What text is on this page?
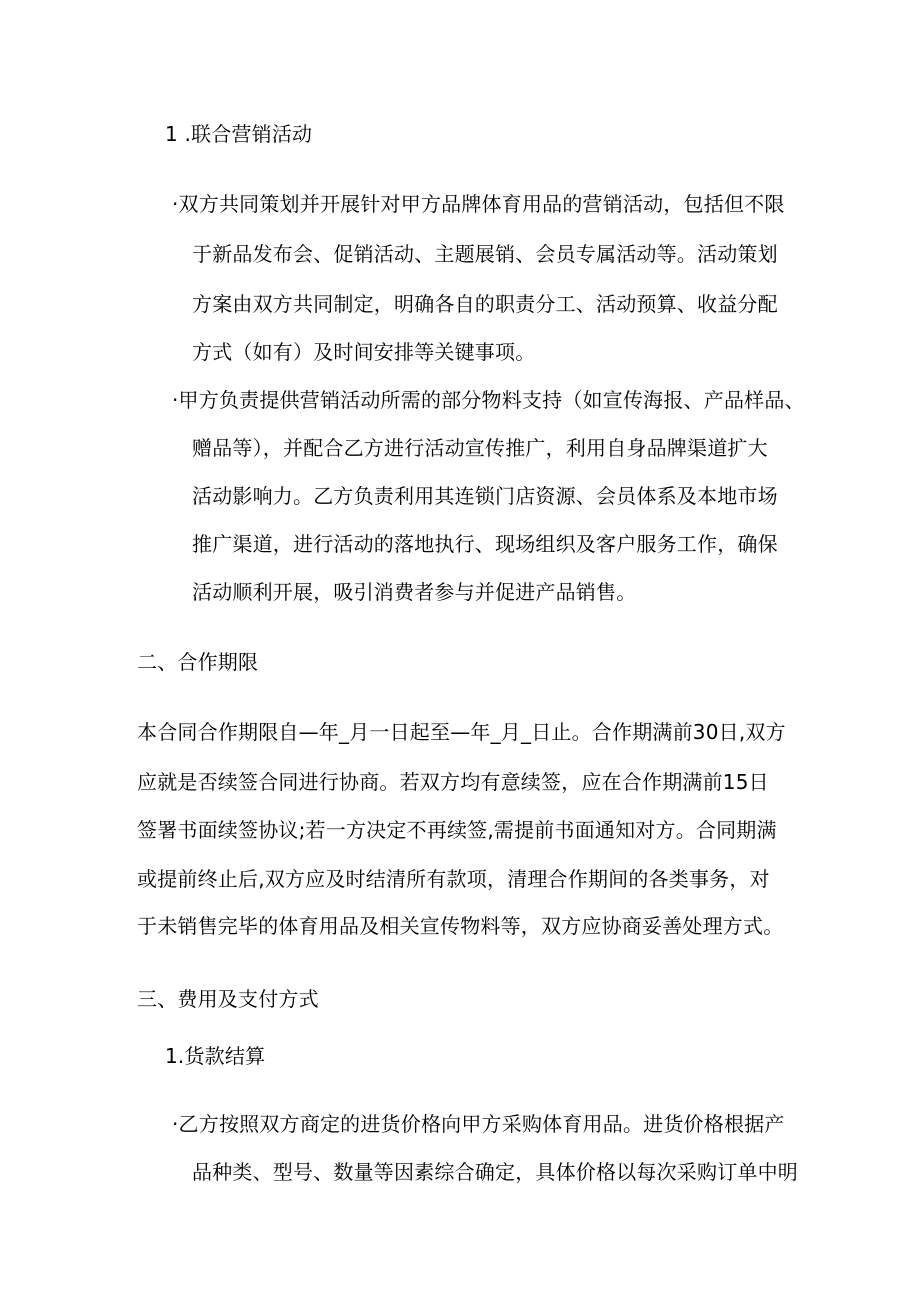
1 .联合营销活动
·双方共同策划并开展针对甲方品牌体育用品的营销活动，包括但不限
于新品发布会、促销活动、主题展销、会员专属活动等。活动策划
方案由双方共同制定，明确各自的职责分工、活动预算、收益分配
方式（如有）及时间安排等关键事项。
·甲方负责提供营销活动所需的部分物料支持（如宣传海报、产品样品、
赠品等），并配合乙方进行活动宣传推广，利用自身品牌渠道扩大
活动影响力。乙方负责利用其连锁门店资源、会员体系及本地市场
推广渠道，进行活动的落地执行、现场组织及客户服务工作，确保
活动顺利开展，吸引消费者参与并促进产品销售。
二、合作期限
本合同合作期限自—年_月一日起至—年_月_日止。合作期满前30日,双方
应就是否续签合同进行协商。若双方均有意续签，应在合作期满前15日
签署书面续签协议;若一方决定不再续签,需提前书面通知对方。合同期满
或提前终止后,双方应及时结清所有款项，清理合作期间的各类事务，对
于未销售完毕的体育用品及相关宣传物料等，双方应协商妥善处理方式。
三、费用及支付方式
1.货款结算
·乙方按照双方商定的进货价格向甲方采购体育用品。进货价格根据产
品种类、型号、数量等因素综合确定，具体价格以每次采购订单中明
